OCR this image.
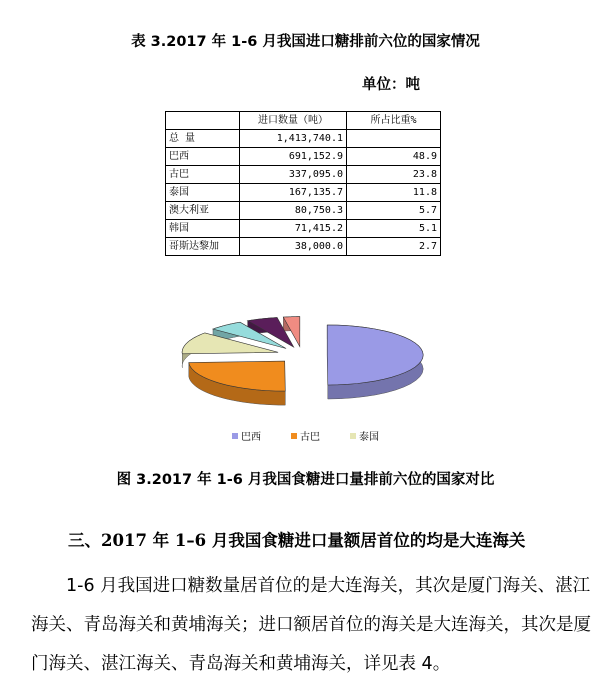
表 3.2017 年 1-6 月我国进口糖排前六位的国家情况
单位：吨
	进口数量（吨）	所占比重%
总 量	1,413,740.1	
巴西	691,152.9	48.9
古巴	337,095.0	23.8
泰国	167,135.7	11.8
澳大利亚	80,750.3	5.7
韩国	71,415.2	5.1
哥斯达黎加	38,000.0	2.7
巴西	古巴	泰国
图 3.2017 年 1-6 月我国食糖进口量排前六位的国家对比
三、2017 年 1–6 月我国食糖进口量额居首位的均是大连海关
1-6 月我国进口糖数量居首位的是大连海关，其次是厦门海关、湛江海关、青岛海关和黄埔海关；进口额居首位的海关是大连海关，其次是厦门海关、湛江海关、青岛海关和黄埔海关，详见表 4。
